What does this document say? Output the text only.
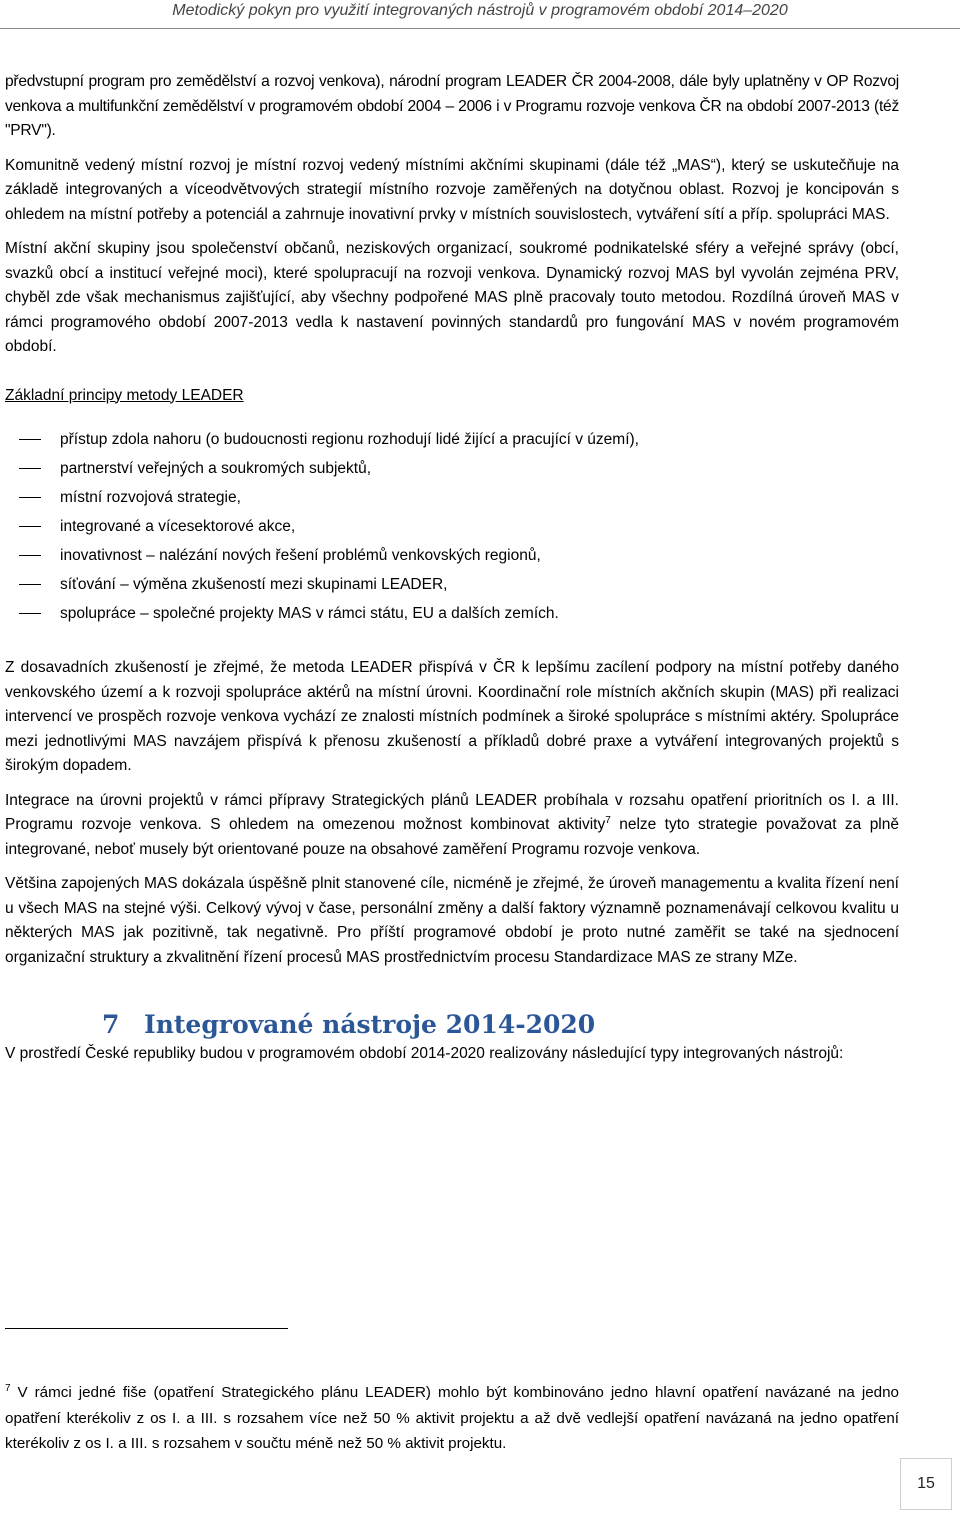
Metodický pokyn pro využití integrovaných nástrojů v programovém období 2014–2020

předvstupní program pro zemědělství a rozvoj venkova), národní program LEADER ČR 2004-2008, dále byly uplatněny v OP Rozvoj venkova a multifunkční zemědělství v programovém období 2004 – 2006 i v Programu rozvoje venkova ČR na období 2007-2013 (též "PRV").

Komunitně vedený místní rozvoj je místní rozvoj vedený místními akčními skupinami (dále též „MAS“), který se uskutečňuje na základě integrovaných a víceodvětvových strategií místního rozvoje zaměřených na dotyčnou oblast. Rozvoj je koncipován s ohledem na místní potřeby a potenciál a zahrnuje inovativní prvky v místních souvislostech, vytváření sítí a příp. spolupráci MAS.

Místní akční skupiny jsou společenství občanů, neziskových organizací, soukromé podnikatelské sféry a veřejné správy (obcí, svazků obcí a institucí veřejné moci), které spolupracují na rozvoji venkova. Dynamický rozvoj MAS byl vyvolán zejména PRV, chyběl zde však mechanismus zajišťující, aby všechny podpořené MAS plně pracovaly touto metodou. Rozdílná úroveň MAS v rámci programového období 2007-2013 vedla k nastavení povinných standardů pro fungování MAS v novém programovém období.

Základní principy metody LEADER
přístup zdola nahoru (o budoucnosti regionu rozhodují lidé žijící a pracující v území),
partnerství veřejných a soukromých subjektů,
místní rozvojová strategie,
integrované a vícesektorové akce,
inovativnost – nalézání nových řešení problémů venkovských regionů,
síťování – výměna zkušeností mezi skupinami LEADER,
spolupráce – společné projekty MAS v rámci státu, EU a dalších zemích.

Z dosavadních zkušeností je zřejmé, že metoda LEADER přispívá v ČR k lepšímu zacílení podpory na místní potřeby daného venkovského území a k rozvoji spolupráce aktérů na místní úrovni. Koordinační role místních akčních skupin (MAS) při realizaci intervencí ve prospěch rozvoje venkova vychází ze znalosti místních podmínek a široké spolupráce s místními aktéry. Spolupráce mezi jednotlivými MAS navzájem přispívá k přenosu zkušeností a příkladů dobré praxe a vytváření integrovaných projektů s širokým dopadem.

Integrace na úrovni projektů v rámci přípravy Strategických plánů LEADER probíhala v rozsahu opatření prioritních os I. a III. Programu rozvoje venkova. S ohledem na omezenou možnost kombinovat aktivity$^7$ nelze tyto strategie považovat za plně integrované, neboť musely být orientované pouze na obsahové zaměření Programu rozvoje venkova.

Většina zapojených MAS dokázala úspěšně plnit stanovené cíle, nicméně je zřejmé, že úroveň managementu a kvalita řízení není u všech MAS na stejné výši. Celkový vývoj v čase, personální změny a další faktory významně poznamenávají celkovou kvalitu u některých MAS jak pozitivně, tak negativně. Pro příští programové období je proto nutné zaměřit se také na sjednocení organizační struktury a zkvalitnění řízení procesů MAS prostřednictvím procesu Standardizace MAS ze strany MZe.

7 Integrované nástroje 2014-2020

V prostředí České republiky budou v programovém období 2014-2020 realizovány následující typy integrovaných nástrojů:

$^7$ V rámci jedné fiše (opatření Strategického plánu LEADER) mohlo být kombinováno jedno hlavní opatření navázané na jedno opatření kterékoliv z os I. a III. s rozsahem více než 50 % aktivit projektu a až dvě vedlejší opatření navázaná na jedno opatření kterékoliv z os I. a III. s rozsahem v součtu méně než 50 % aktivit projektu.
15
